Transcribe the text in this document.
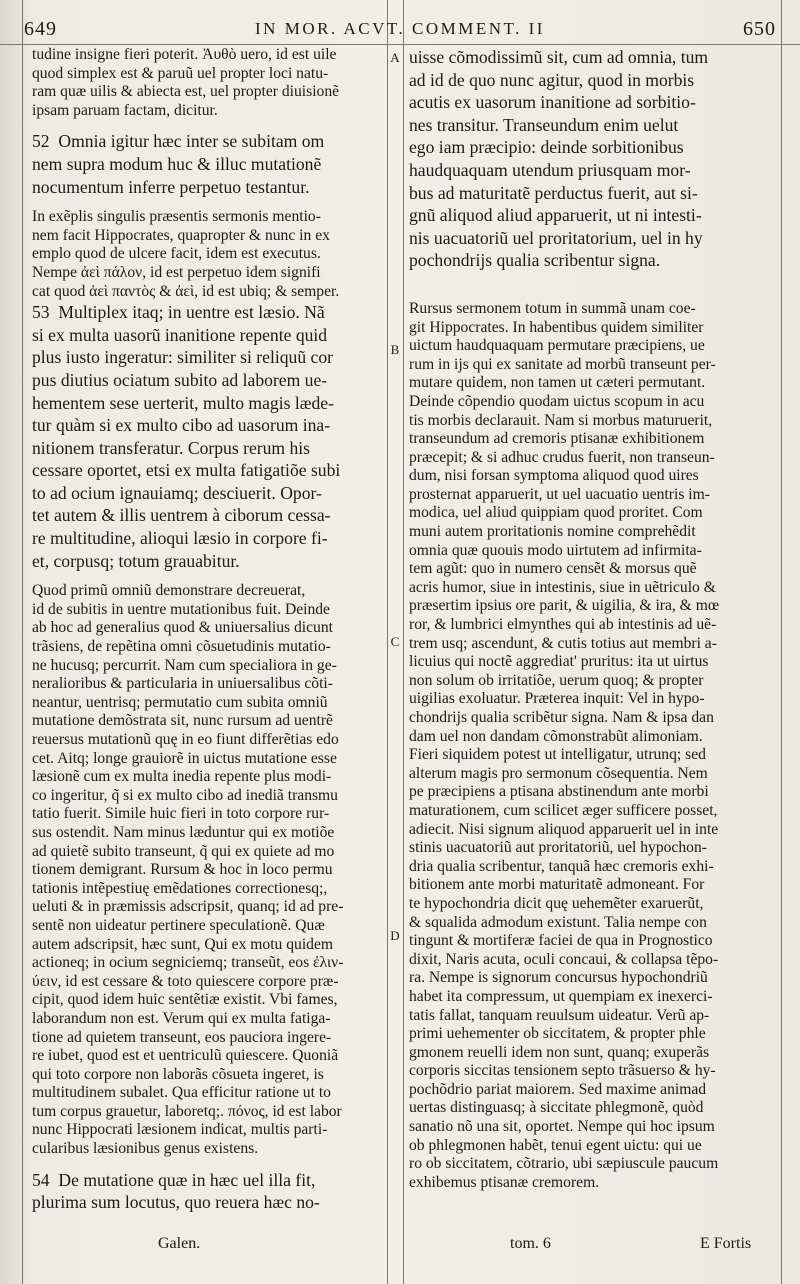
649	IN MOR. ACVT. COMMENT. II	650
A
B
C
D
tudine insigne fieri poterit. Ἀυθὸ uero, id est uile
quod simplex est & paruũ uel propter loci natu-
ram quæ uilis & abiecta est, uel propter diuisionẽ
ipsam paruam factam, dicitur.
52 Omnia igitur hæc inter se subitam om
nem supra modum huc & illuc mutationẽ
nocumentum inferre perpetuo testantur.
In exẽplis singulis præsentis sermonis mentio-
nem facit Hippocrates, quapropter & nunc in ex
emplo quod de ulcere facit, idem est executus.
Nempe ἀεὶ πάλον, id est perpetuo idem signifi
cat quod ἀεὶ παντὸς & ἀεὶ, id est ubiq; & semper.
53 Multiplex itaq; in uentre est læsio. Nã
si ex multa uasorũ inanitione repente quid
plus iusto ingeratur: similiter si reliquũ cor
pus diutius ociatum subito ad laborem ue-
hementem sese uerterit, multo magis læde-
tur quàm si ex multo cibo ad uasorum ina-
nitionem transferatur. Corpus rerum his
cessare oportet, etsi ex multa fatigatiõe subi
to ad ocium ignauiamq; desciuerit. Opor-
tet autem & illis uentrem à ciborum cessa-
re multitudine, alioqui læsio in corpore fi-
et, corpusq; totum grauabitur.
Quod primũ omniũ demonstrare decreuerat,
id de subitis in uentre mutationibus fuit. Deinde
ab hoc ad generalius quod & uniuersalius dicunt
trãsiens, de repẽtina omni cõsuetudinis mutatio-
ne hucusq; percurrit. Nam cum specialiora in ge-
neralioribus & particularia in uniuersalibus cõti-
neantur, uentrisq; permutatio cum subita omniũ
mutatione demõstrata sit, nunc rursum ad uentrẽ
reuersus mutationũ quę in eo fiunt differẽtias edo
cet. Aitq; longe grauiorẽ in uictus mutatione esse
læsionẽ cum ex multa inedia repente plus modi-
co ingeritur, q̃ si ex multo cibo ad inediã transmu
tatio fuerit. Simile huic fieri in toto corpore rur-
sus ostendit. Nam minus læduntur qui ex motiõe
ad quietẽ subito transeunt, q̃ qui ex quiete ad mo
tionem demigrant. Rursum & hoc in loco permu
tationis intẽpestiuę emẽdationes correctionesq;,
ueluti & in præmissis adscripsit, quanq; id ad pre-
sentẽ non uideatur pertinere speculationẽ. Quæ
autem adscripsit, hæc sunt, Qui ex motu quidem
actioneq; in ocium segniciemq; transeũt, eos ἐλιν-
ύειν, id est cessare & toto quiescere corpore præ-
cipit, quod idem huic sentẽtiæ existit. Vbi fames,
laborandum non est. Verum qui ex multa fatiga-
tione ad quietem transeunt, eos pauciora ingere-
re iubet, quod est et uentriculũ quiescere. Quoniã
qui toto corpore non laborãs cõsueta ingeret, is
multitudinem subalet. Qua efficitur ratione ut to
tum corpus grauetur, laboretq;. πόνος, id est labor
nunc Hippocrati læsionem indicat, multis parti-
cularibus læsionibus genus existens.
54 De mutatione quæ in hæc uel illa fit,
plurima sum locutus, quo reuera hæc no-
uisse cõmodissimũ sit, cum ad omnia, tum
ad id de quo nunc agitur, quod in morbis
acutis ex uasorum inanitione ad sorbitio-
nes transitur. Transeundum enim uelut
ego iam præcipio: deinde sorbitionibus
haudquaquam utendum priusquam mor-
bus ad maturitatẽ perductus fuerit, aut si-
gnũ aliquod aliud apparuerit, ut ni intesti-
nis uacuatoriũ uel proritatorium, uel in hy
pochondrijs qualia scribentur signa.
Rursus sermonem totum in summã unam coe-
git Hippocrates. In habentibus quidem similiter
uictum haudquaquam permutare præcipiens, ue
rum in ijs qui ex sanitate ad morbũ transeunt per-
mutare quidem, non tamen ut cæteri permutant.
Deinde cõpendio quodam uictus scopum in acu
tis morbis declarauit. Nam si morbus maturuerit,
transeundum ad cremoris ptisanæ exhibitionem
præcepit; & si adhuc crudus fuerit, non transeun-
dum, nisi forsan symptoma aliquod quod uires
prosternat apparuerit, ut uel uacuatio uentris im-
modica, uel aliud quippiam quod proritet. Com
muni autem proritationis nomine comprehẽdit
omnia quæ quouis modo uirtutem ad infirmita-
tem agũt: quo in numero censẽt & morsus quẽ
acris humor, siue in intestinis, siue in uẽtriculo &
præsertim ipsius ore parit, & uigilia, & ira, & mœ
ror, & lumbrici elmynthes qui ab intestinis ad uẽ-
trem usq; ascendunt, & cutis totius aut membri a-
licuius qui noctẽ aggrediat' pruritus: ita ut uirtus
non solum ob irritatiõe, uerum quoq; & propter
uigilias exoluatur. Præterea inquit: Vel in hypo-
chondrijs qualia scribẽtur signa. Nam & ipsa dan
dam uel non dandam cõmonstrabũt alimoniam.
Fieri siquidem potest ut intelligatur, utrunq; sed
alterum magis pro sermonum cõsequentia. Nem
pe præcipiens a ptisana abstinendum ante morbi
maturationem, cum scilicet æger sufficere posset,
adiecit. Nisi signum aliquod apparuerit uel in inte
stinis uacuatoriũ aut proritatoriũ, uel hypochon-
dria qualia scribentur, tanquã hæc cremoris exhi-
bitionem ante morbi maturitatẽ admoneant. For
te hypochondria dicit quę uehemẽter exaruerũt,
& squalida admodum existunt. Talia nempe con
tingunt & mortiferæ faciei de qua in Prognostico
dixit, Naris acuta, oculi concaui, & collapsa tẽpo-
ra. Nempe is signorum concursus hypochondriũ
habet ita compressum, ut quempiam ex inexerci-
tatis fallat, tanquam reuulsum uideatur. Verũ ap-
primi uehementer ob siccitatem, & propter phle
gmonem reuelli idem non sunt, quanq; exuperãs
corporis siccitas tensionem septo trãsuerso & hy-
pochõdrio pariat maiorem. Sed maxime animad
uertas distinguasq; à siccitate phlegmonẽ, quòd
sanatio nõ una sit, oportet. Nempe qui hoc ipsum
ob phlegmonen habẽt, tenui egent uictu: qui ue
ro ob siccitatem, cõtrario, ubi sæpiuscule paucum
exhibemus ptisanæ cremorem.
Galen.	tom. 6	E Fortis
